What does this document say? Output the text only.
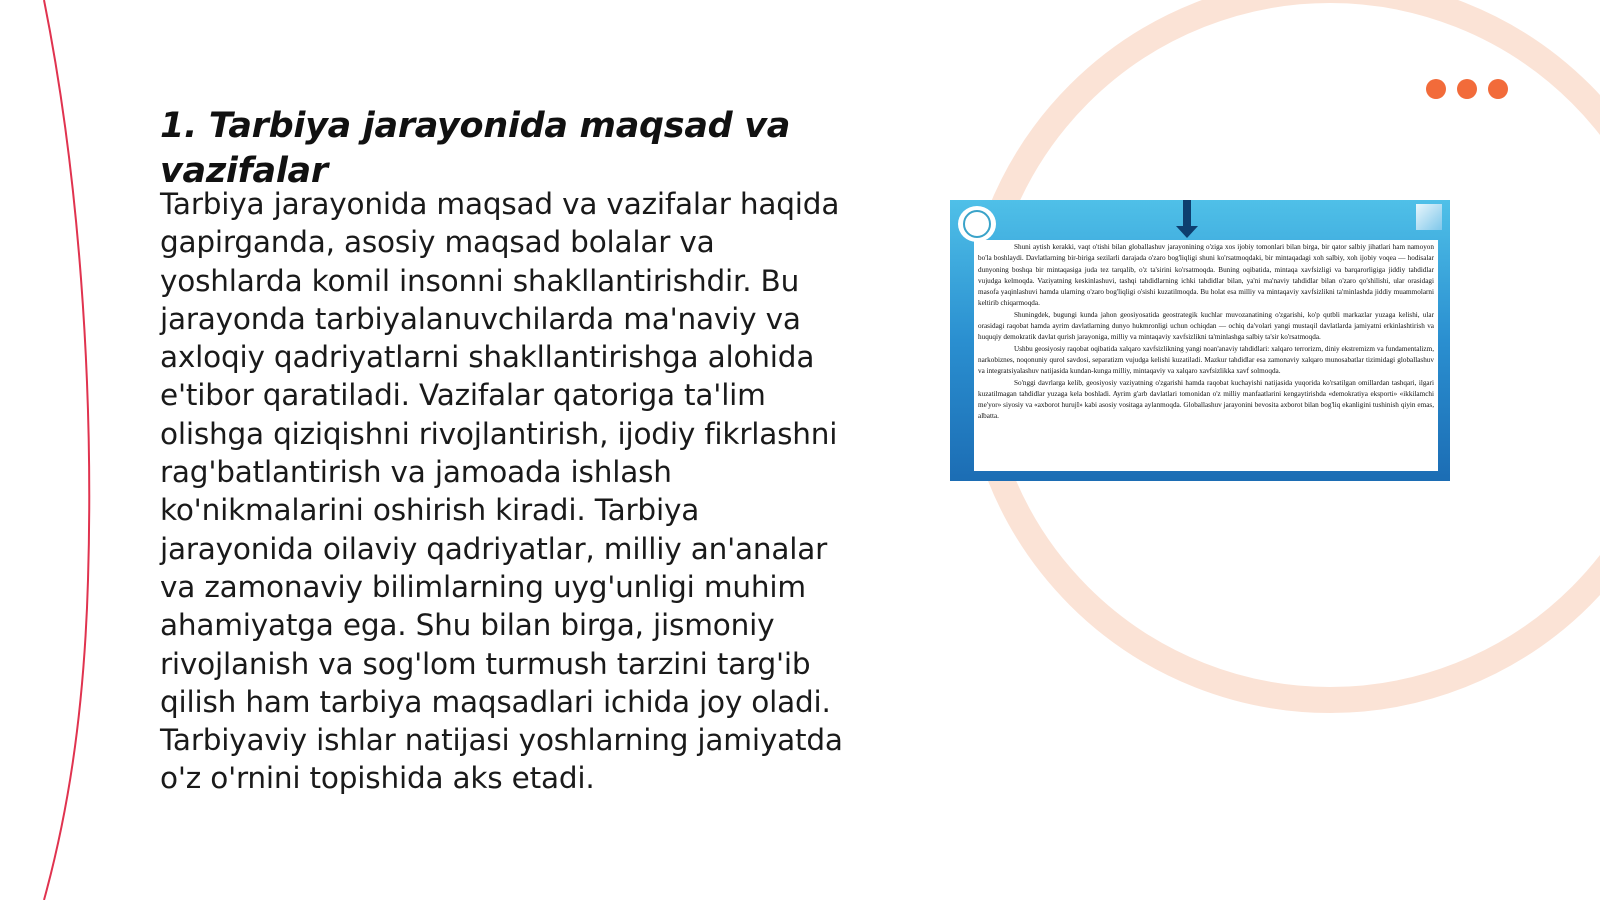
1. Tarbiya jarayonida maqsad va vazifalar

Tarbiya jarayonida maqsad va vazifalar haqida gapirganda, asosiy maqsad bolalar va yoshlarda komil insonni shakllantirishdir. Bu jarayonda tarbiyalanuvchilarda ma'naviy va axloqiy qadriyatlarni shakllantirishga alohida e'tibor qaratiladi. Vazifalar qatoriga ta'lim olishga qiziqishni rivojlantirish, ijodiy fikrlashni rag'batlantirish va jamoada ishlash ko'nikmalarini oshirish kiradi. Tarbiya jarayonida oilaviy qadriyatlar, milliy an'analar va zamonaviy bilimlarning uyg'unligi muhim ahamiyatga ega. Shu bilan birga, jismoniy rivojlanish va sog'lom turmush tarzini targ'ib qilish ham tarbiya maqsadlari ichida joy oladi. Tarbiyaviy ishlar natijasi yoshlarning jamiyatda o'z o'rnini topishida aks etadi.

Shuni aytish kerakki, vaqt o'tishi bilan globallashuv jarayonining o'ziga xos ijobiy tomonlari bilan birga, bir qator salbiy jihatlari ham namoyon bo'la boshlaydi. Davlatlarning bir-biriga sezilarli darajada o'zaro bog'liqligi shuni ko'rsatmoqdaki, bir mintaqadagi xoh salbiy, xoh ijobiy voqea — hodisalar dunyoning boshqa bir mintaqasiga juda tez tarqalib, o'z ta'sirini ko'rsatmoqda. Buning oqibatida, mintaqa xavfsizligi va barqarorligiga jiddiy tahdidlar vujudga kelmoqda. Vaziyatning keskinlashuvi, tashqi tahdidlarning ichki tahdidlar bilan, ya'ni ma'naviy tahdidlar bilan o'zaro qo'shilishi, ular orasidagi masofa yaqinlashuvi hamda ularning o'zaro bog'liqligi o'sishi kuzatilmoqda. Bu holat esa milliy va mintaqaviy xavfsizlikni ta'minlashda jiddiy muammolarni keltirib chiqarmoqda.

Shuningdek, bugungi kunda jahon geosiyosatida geostrategik kuchlar muvozanatining o'zgarishi, ko'p qutbli markazlar yuzaga kelishi, ular orasidagi raqobat hamda ayrim davlatlarning dunyo hukmronligi uchun ochiqdan — ochiq da'volari yangi mustaqil davlatlarda jamiyatni erkinlashtirish va huquqiy demokratik davlat qurish jarayoniga, milliy va mintaqaviy xavfsizlikni ta'minlashga salbiy ta'sir ko'rsatmoqda.

Ushbu geosiyosiy raqobat oqibatida xalqaro xavfsizlikning yangi noan'anaviy tahdidlari: xalqaro terrorizm, diniy ekstremizm va fundamentalizm, narkobiznes, noqonuniy qurol savdosi, separatizm vujudga kelishi kuzatiladi. Mazkur tahdidlar esa zamonaviy xalqaro munosabatlar tizimidagi globallashuv va integratsiyalashuv natijasida kundan-kunga milliy, mintaqaviy va xalqaro xavfsizlikka xavf solmoqda.

So'nggi davrlarga kelib, geosiyosiy vaziyatning o'zgarishi hamda raqobat kuchayishi natijasida yuqorida ko'rsatilgan omillardan tashqari, ilgari kuzatilmagan tahdidlar yuzaga kela boshladi. Ayrim g'arb davlatlari tomonidan o'z milliy manfaatlarini kengaytirishda «demokratiya eksporti» «ikkilamchi me'yor» siyosiy va «axborot hurujI» kabi asosiy vositaga aylanmoqda. Globallashuv jarayonini bevosita axborot bilan bog'liq ekanligini tushinish qiyin emas, albatta.
